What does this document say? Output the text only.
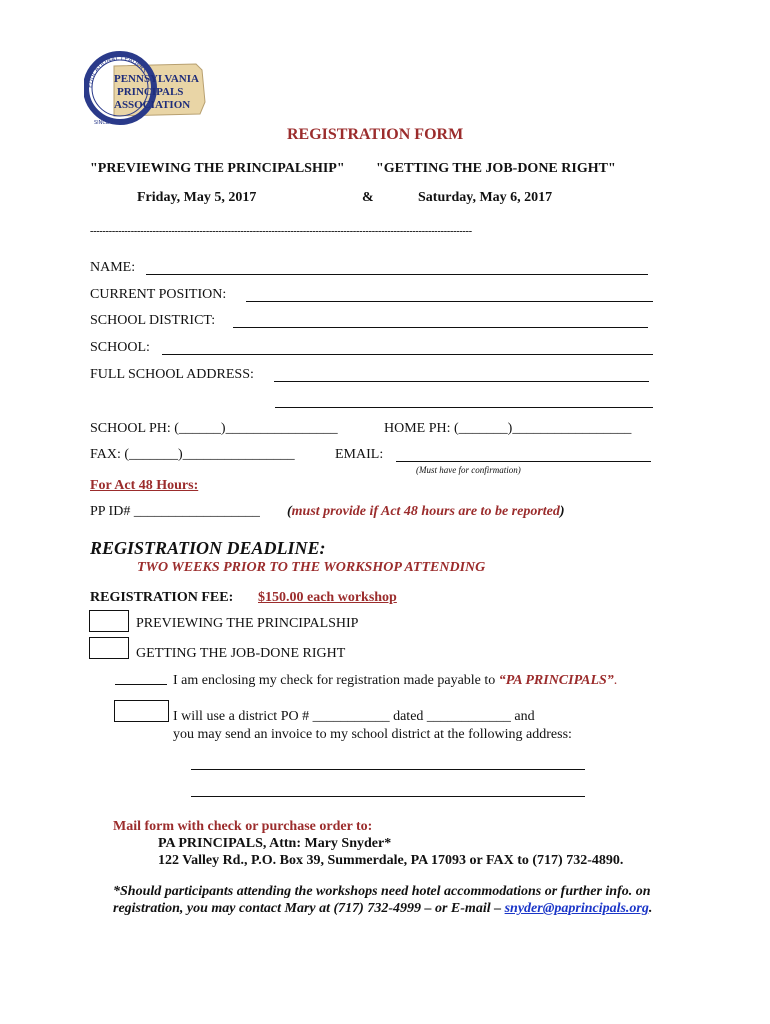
EDUCATIONAL LEADERS
SINCE 1936
PENNSYLVANIA
PRINCIPALS
ASSOCIATION
REGISTRATION FORM
"PREVIEWING THE PRINCIPALSHIP" "GETTING THE JOB-DONE RIGHT"
Friday, May 5, 2017	&	Saturday, May 6, 2017
--------------------------------------------------------------------------------------------------------------------------
NAME:
CURRENT POSITION:
SCHOOL DISTRICT:
SCHOOL:
FULL SCHOOL ADDRESS:
SCHOOL PH: (______)________________	HOME PH: (_______)_________________
FAX: (_______)________________	EMAIL:
(Must have for confirmation)
For Act 48 Hours:
PP ID# __________________ (must provide if Act 48 hours are to be reported)
REGISTRATION DEADLINE:
TWO WEEKS PRIOR TO THE WORKSHOP ATTENDING
REGISTRATION FEE: $150.00 each workshop
PREVIEWING THE PRINCIPALSHIP
GETTING THE JOB-DONE RIGHT
I am enclosing my check for registration made payable to “PA PRINCIPALS”.
I will use a district PO # ___________ dated ____________ and
you may send an invoice to my school district at the following address:
Mail form with check or purchase order to:
PA PRINCIPALS, Attn: Mary Snyder*
122 Valley Rd., P.O. Box 39, Summerdale, PA 17093 or FAX to (717) 732-4890.
*Should participants attending the workshops need hotel accommodations or further info. on
registration, you may contact Mary at (717) 732-4999 – or E-mail – snyder@paprincipals.org.
